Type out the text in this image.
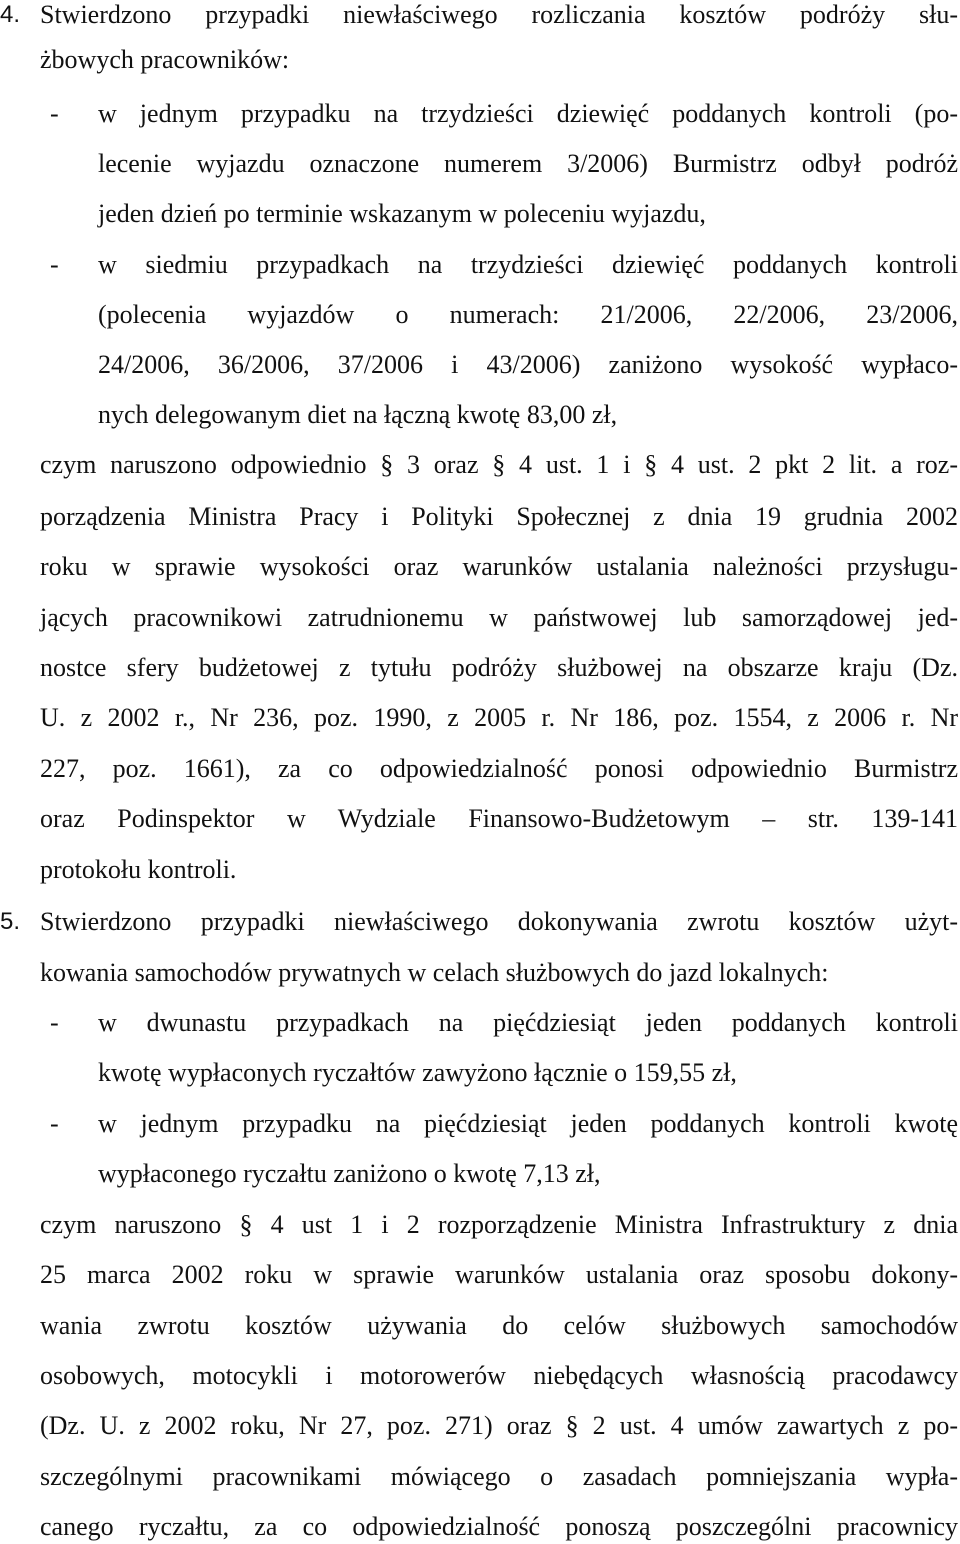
4. Stwierdzono przypadki niewłaściwego rozliczania kosztów podróży słu-
żbowych pracowników:
- w jednym przypadku na trzydzieści dziewięć poddanych kontroli (po-
lecenie wyjazdu oznaczone numerem 3/2006) Burmistrz odbył podróż
jeden dzień po terminie wskazanym w poleceniu wyjazdu,
- w siedmiu przypadkach na trzydzieści dziewięć poddanych kontroli
(polecenia wyjazdów o numerach: 21/2006, 22/2006, 23/2006,
24/2006, 36/2006, 37/2006 i 43/2006) zaniżono wysokość wypłaco-
nych delegowanym diet na łączną kwotę 83,00 zł,
czym naruszono odpowiednio § 3 oraz § 4 ust. 1 i § 4 ust. 2 pkt 2 lit. a roz-
porządzenia Ministra Pracy i Polityki Społecznej z dnia 19 grudnia 2002
roku w sprawie wysokości oraz warunków ustalania należności przysługu-
jących pracownikowi zatrudnionemu w państwowej lub samorządowej jed-
nostce sfery budżetowej z tytułu podróży służbowej na obszarze kraju (Dz.
U. z 2002 r., Nr 236, poz. 1990, z 2005 r. Nr 186, poz. 1554, z 2006 r. Nr
227, poz. 1661), za co odpowiedzialność ponosi odpowiednio Burmistrz
oraz Podinspektor w Wydziale Finansowo-Budżetowym – str. 139-141
protokołu kontroli.
5. Stwierdzono przypadki niewłaściwego dokonywania zwrotu kosztów użyt-
kowania samochodów prywatnych w celach służbowych do jazd lokalnych:
- w dwunastu przypadkach na pięćdziesiąt jeden poddanych kontroli
kwotę wypłaconych ryczałtów zawyżono łącznie o 159,55 zł,
- w jednym przypadku na pięćdziesiąt jeden poddanych kontroli kwotę
wypłaconego ryczałtu zaniżono o kwotę 7,13 zł,
czym naruszono § 4 ust 1 i 2 rozporządzenie Ministra Infrastruktury z dnia
25 marca 2002 roku w sprawie warunków ustalania oraz sposobu dokony-
wania zwrotu kosztów używania do celów służbowych samochodów
osobowych, motocykli i motorowerów niebędących własnością pracodawcy
(Dz. U. z 2002 roku, Nr 27, poz. 271) oraz § 2 ust. 4 umów zawartych z po-
szczególnymi pracownikami mówiącego o zasadach pomniejszania wypła-
canego ryczałtu, za co odpowiedzialność ponoszą poszczególni pracownicy
